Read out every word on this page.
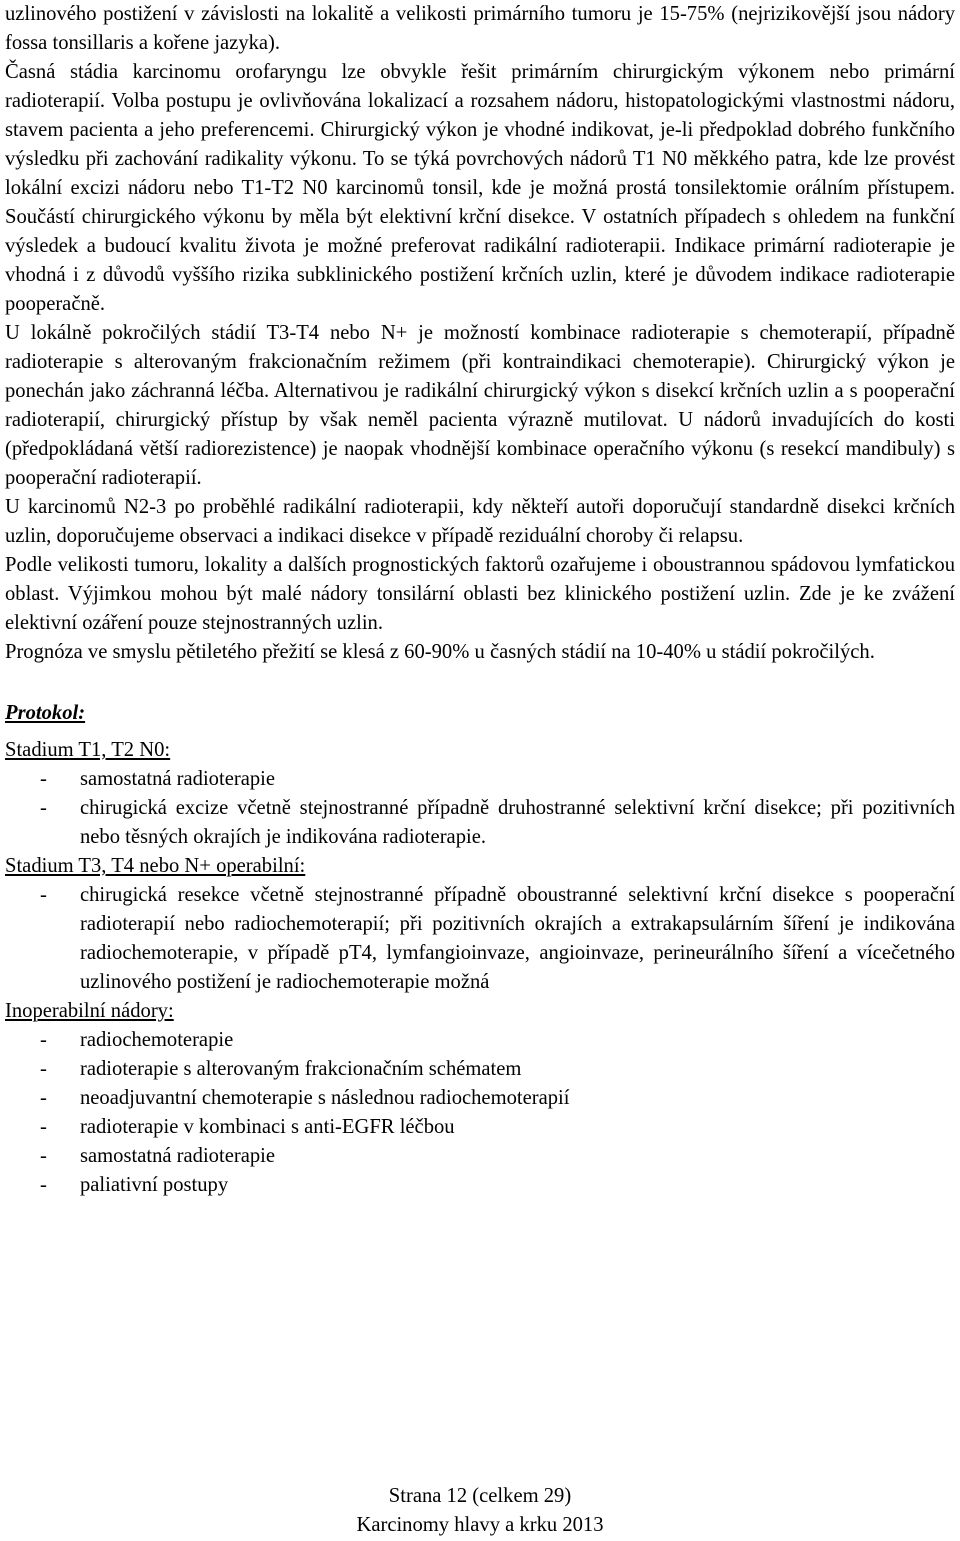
uzlinového postižení v závislosti na lokalitě a velikosti primárního tumoru je 15-75% (nejrizikovější jsou nádory fossa tonsillaris a kořene jazyka).

Časná stádia karcinomu orofaryngu lze obvykle řešit primárním chirurgickým výkonem nebo primární radioterapií. Volba postupu je ovlivňována lokalizací a rozsahem nádoru, histopatologickými vlastnostmi nádoru, stavem pacienta a jeho preferencemi. Chirurgický výkon je vhodné indikovat, je-li předpoklad dobrého funkčního výsledku při zachování radikality výkonu. To se týká povrchových nádorů T1 N0 měkkého patra, kde lze provést lokální excizi nádoru nebo T1-T2 N0 karcinomů tonsil, kde je možná prostá tonsilektomie orálním přístupem. Součástí chirurgického výkonu by měla být elektivní krční disekce. V ostatních případech s ohledem na funkční výsledek a budoucí kvalitu života je možné preferovat radikální radioterapii. Indikace primární radioterapie je vhodná i z důvodů vyššího rizika subklinického postižení krčních uzlin, které je důvodem indikace radioterapie pooperačně.

U lokálně pokročilých stádií T3-T4 nebo N+ je možností kombinace radioterapie s chemoterapií, případně radioterapie s alterovaným frakcionačním režimem (při kontraindikaci chemoterapie). Chirurgický výkon je ponechán jako záchranná léčba. Alternativou je radikální chirurgický výkon s disekcí krčních uzlin a s pooperační radioterapií, chirurgický přístup by však neměl pacienta výrazně mutilovat. U nádorů invadujících do kosti (předpokládaná větší radiorezistence) je naopak vhodnější kombinace operačního výkonu (s resekcí mandibuly) s pooperační radioterapií.

U karcinomů N2-3 po proběhlé radikální radioterapii, kdy někteří autoři doporučují standardně disekci krčních uzlin, doporučujeme observaci a indikaci disekce v případě reziduální choroby či relapsu.

Podle velikosti tumoru, lokality a dalších prognostických faktorů ozařujeme i oboustrannou spádovou lymfatickou oblast. Výjimkou mohou být malé nádory tonsilární oblasti bez klinického postižení uzlin. Zde je ke zvážení elektivní ozáření pouze stejnostranných uzlin.

Prognóza ve smyslu pětiletého přežití se klesá z 60-90% u časných stádií na 10-40% u stádií pokročilých.

Protokol:
Stadium T1, T2 N0:
- samostatná radioterapie
- chirugická excize včetně stejnostranné případně druhostranné selektivní krční disekce; při pozitivních nebo těsných okrajích je indikována radioterapie.
Stadium T3, T4 nebo N+ operabilní:
- chirugická resekce včetně stejnostranné případně oboustranné selektivní krční disekce s pooperační radioterapií nebo radiochemoterapií; při pozitivních okrajích a extrakapsulárním šíření je indikována radiochemoterapie, v případě pT4, lymfangioinvaze, angioinvaze, perineurálního šíření a vícečetného uzlinového postižení je radiochemoterapie možná
Inoperabilní nádory:
- radiochemoterapie
- radioterapie s alterovaným frakcionačním schématem
- neoadjuvantní chemoterapie s následnou radiochemoterapií
- radioterapie v kombinaci s anti-EGFR léčbou
- samostatná radioterapie
- paliativní postupy
Strana 12 (celkem 29)
Karcinomy hlavy a krku 2013
